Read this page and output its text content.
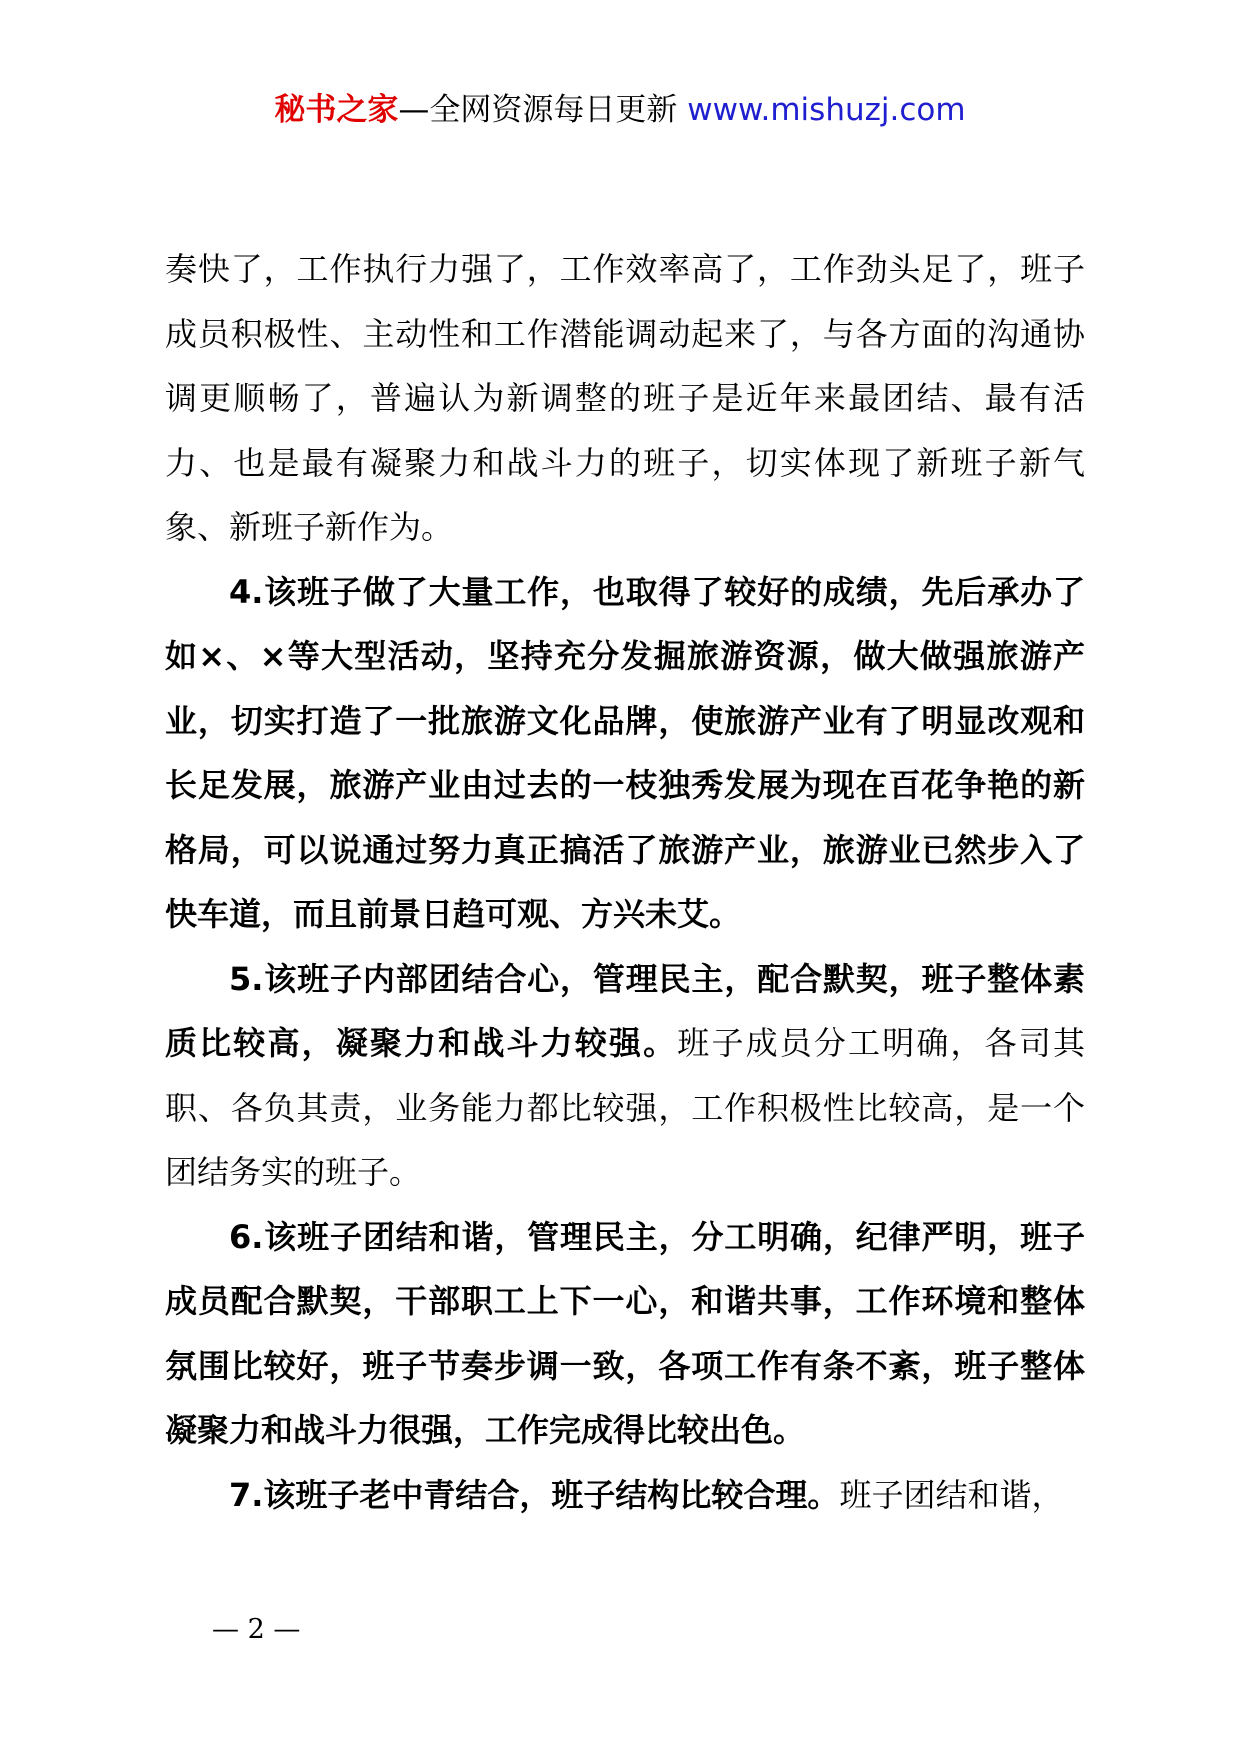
秘书之家—全网资源每日更新 www.mishuzj.com

奏快了，工作执行力强了，工作效率高了，工作劲头足了，班子成员积极性、主动性和工作潜能调动起来了，与各方面的沟通协调更顺畅了，普遍认为新调整的班子是近年来最团结、最有活力、也是最有凝聚力和战斗力的班子，切实体现了新班子新气象、新班子新作为。

4.该班子做了大量工作，也取得了较好的成绩，先后承办了如×、×等大型活动，坚持充分发掘旅游资源，做大做强旅游产业，切实打造了一批旅游文化品牌，使旅游产业有了明显改观和长足发展，旅游产业由过去的一枝独秀发展为现在百花争艳的新格局，可以说通过努力真正搞活了旅游产业，旅游业已然步入了快车道，而且前景日趋可观、方兴未艾。

5.该班子内部团结合心，管理民主，配合默契，班子整体素质比较高，凝聚力和战斗力较强。班子成员分工明确，各司其职、各负其责，业务能力都比较强，工作积极性比较高，是一个团结务实的班子。

6.该班子团结和谐，管理民主，分工明确，纪律严明，班子成员配合默契，干部职工上下一心，和谐共事，工作环境和整体氛围比较好，班子节奏步调一致，各项工作有条不紊，班子整体凝聚力和战斗力很强，工作完成得比较出色。

7.该班子老中青结合，班子结构比较合理。班子团结和谐，

— 2 —
